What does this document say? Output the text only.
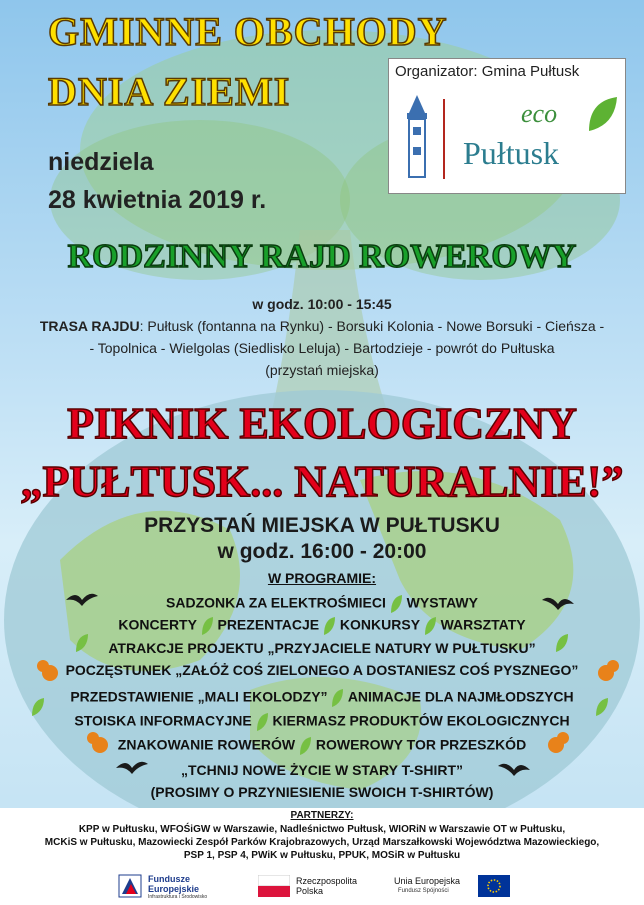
GMINNE OBCHODY
DNIA ZIEMI
niedziela
28 kwietnia 2019 r.
Organizator: Gmina Pułtusk
eco
Pułtusk
RODZINNY RAJD ROWEROWY
w godz. 10:00 - 15:45
TRASA RAJDU: Pułtusk (fontanna na Rynku) - Borsuki Kolonia - Nowe Borsuki - Cieńsza -
- Topolnica - Wielgolas (Siedlisko Leluja) - Bartodzieje - powrót do Pułtuska
(przystań miejska)
PIKNIK EKOLOGICZNY
„PUŁTUSK... NATURALNIE!”
PRZYSTAŃ MIEJSKA W PUŁTUSKU
w godz. 16:00 - 20:00
W PROGRAMIE:
SADZONKA ZA ELEKTROŚMIECI WYSTAWY
KONCERTY PREZENTACJE KONKURSY WARSZTATY
ATRAKCJE PROJEKTU „PRZYJACIELE NATURY W PUŁTUSKU”
POCZĘSTUNEK „ZAŁÓŻ COŚ ZIELONEGO A DOSTANIESZ COŚ PYSZNEGO”
PRZEDSTAWIENIE „MALI EKOLODZY” ANIMACJE DLA NAJMŁODSZYCH
STOISKA INFORMACYJNE KIERMASZ PRODUKTÓW EKOLOGICZNYCH
ZNAKOWANIE ROWERÓW ROWEROWY TOR PRZESZKÓD
„TCHNIJ NOWE ŻYCIE W STARY T-SHIRT”
(PROSIMY O PRZYNIESIENIE SWOICH T-SHIRTÓW)
PARTNERZY:
KPP w Pułtusku, WFOŚiGW w Warszawie, Nadleśnictwo Pułtusk, WIORiN w Warszawie OT w Pułtusku,
MCKiS w Pułtusku, Mazowiecki Zespół Parków Krajobrazowych, Urząd Marszałkowski Województwa Mazowieckiego,
PSP 1, PSP 4, PWiK w Pułtusku, PPUK, MOSiR w Pułtusku
Fundusze Europejskie
Infrastruktura i Środowisko
Rzeczpospolita Polska
Unia Europejska
Fundusz Spójności
